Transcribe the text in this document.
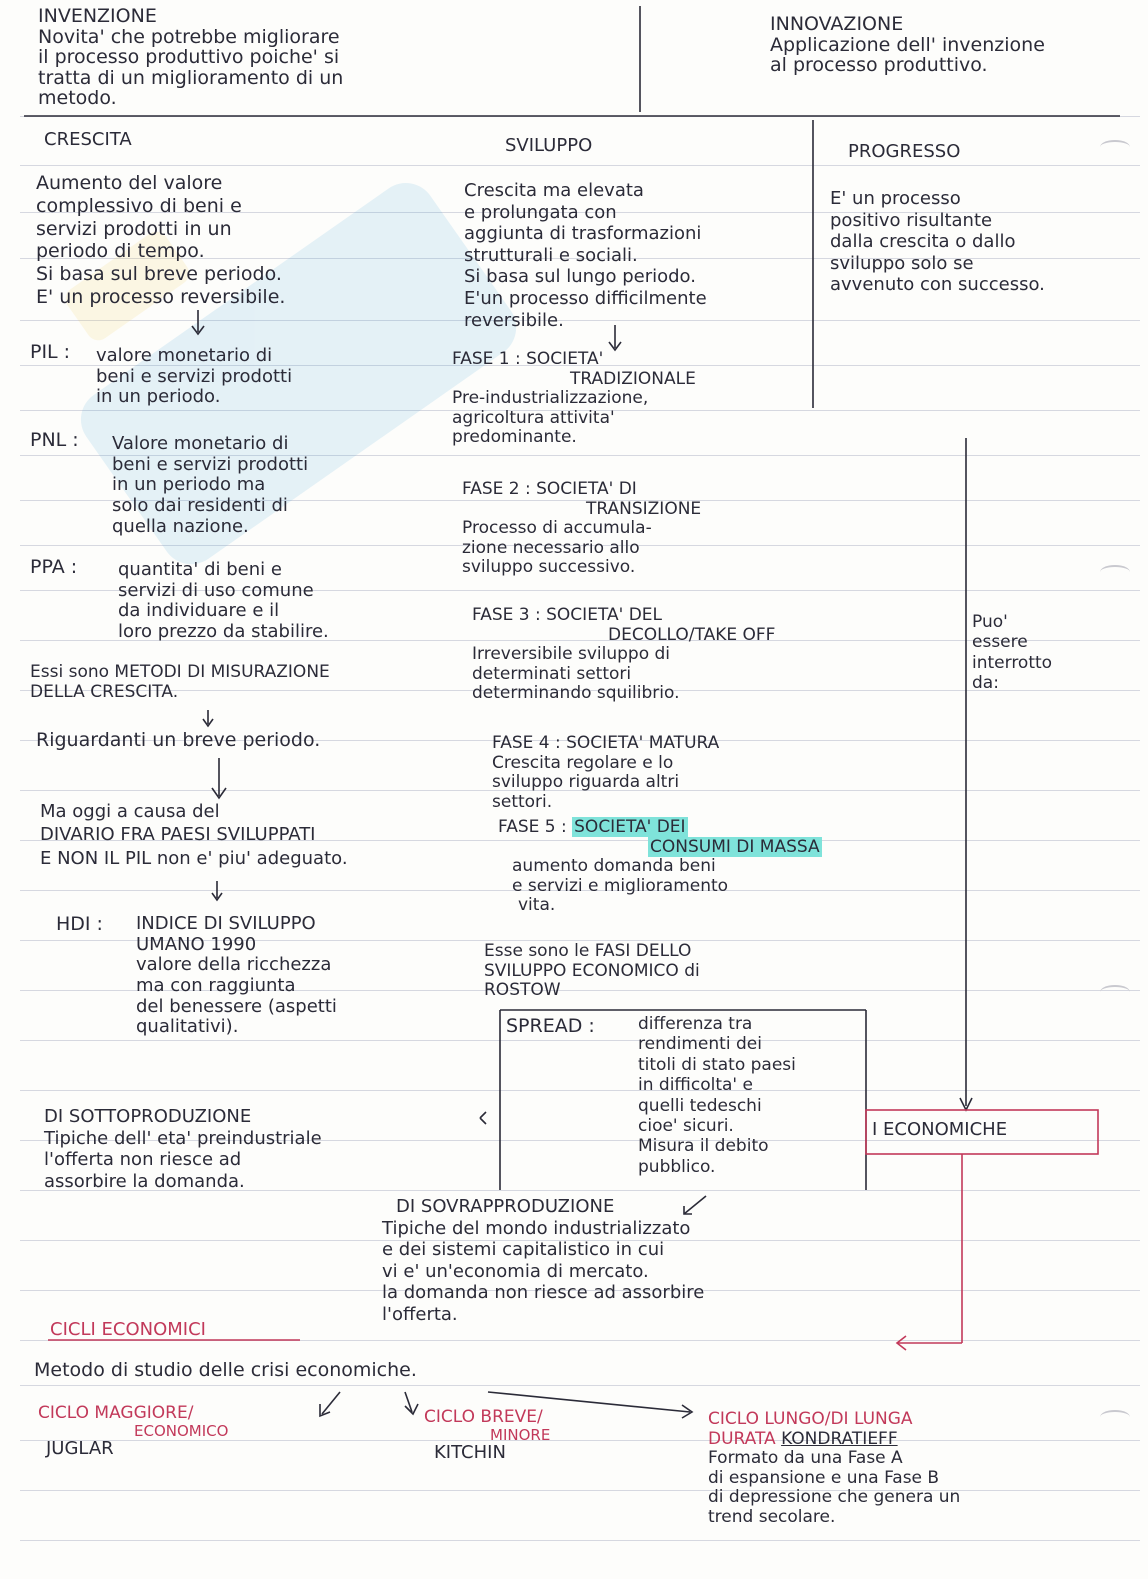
INVENZIONE
Novita' che potrebbe migliorare
il processo produttivo poiche' si
tratta di un miglioramento di un
metodo.
INNOVAZIONE
Applicazione dell' invenzione
al processo produttivo.
CRESCITA
Aumento del valore
complessivo di beni e
servizi prodotti in un
periodo di tempo.
Si basa sul breve periodo.
E' un processo reversibile.
SVILUPPO
Crescita ma elevata
e prolungata con
aggiunta di trasformazioni
strutturali e sociali.
Si basa sul lungo periodo.
E'un processo difficilmente
reversibile.
PROGRESSO
E' un processo
positivo risultante
dalla crescita o dallo
sviluppo solo se
avvenuto con successo.
PIL : valore monetario di
beni e servizi prodotti
in un periodo.
PNL : Valore monetario di
beni e servizi prodotti
in un periodo ma
solo dai residenti di
quella nazione.
PPA : quantita' di beni e
servizi di uso comune
da individuare e il
loro prezzo da stabilire.
Essi sono METODI DI MISURAZIONE
DELLA CRESCITA.
Riguardanti un breve periodo.
Ma oggi a causa del
DIVARIO FRA PAESI SVILUPPATI
E NON IL PIL non e' piu' adeguato.
HDI : INDICE DI SVILUPPO
UMANO 1990
valore della ricchezza
ma con raggiunta
del benessere (aspetti
qualitativi).
FASE 1 : SOCIETA'
TRADIZIONALE
Pre-industrializzazione,
agricoltura attivita'
predominante.
FASE 2 : SOCIETA' DI
TRANSIZIONE
Processo di accumula-
zione necessario allo
sviluppo successivo.
FASE 3 : SOCIETA' DEL
DECOLLO/TAKE OFF
Irreversibile sviluppo di
determinati settori
determinando squilibrio.
FASE 4 : SOCIETA' MATURA
Crescita regolare e lo
sviluppo riguarda altri
settori.
FASE 5 : SOCIETA' DEI
CONSUMI DI MASSA
aumento domanda beni
e servizi e miglioramento
vita.
Esse sono le FASI DELLO
SVILUPPO ECONOMICO di
ROSTOW
SPREAD :	differenza tra
rendimenti dei
titoli di stato paesi
in difficolta' e
quelli tedeschi
cioe' sicuri.
Misura il debito
pubblico.
Puo'
essere
interrotto
da:
I ECONOMICHE
DI SOTTOPRODUZIONE
Tipiche dell' eta' preindustriale
l'offerta non riesce ad
assorbire la domanda.
DI SOVRAPPRODUZIONE
Tipiche del mondo industrializzato
e dei sistemi capitalistico in cui
vi e' un'economia di mercato.
la domanda non riesce ad assorbire
l'offerta.
CICLI ECONOMICI
Metodo di studio delle crisi economiche.
CICLO MAGGIORE/
ECONOMICO
JUGLAR
CICLO BREVE/
MINORE
KITCHIN
CICLO LUNGO/DI LUNGA
DURATA KONDRATIEFF
Formato da una Fase A
di espansione e una Fase B
di depressione che genera un
trend secolare.
